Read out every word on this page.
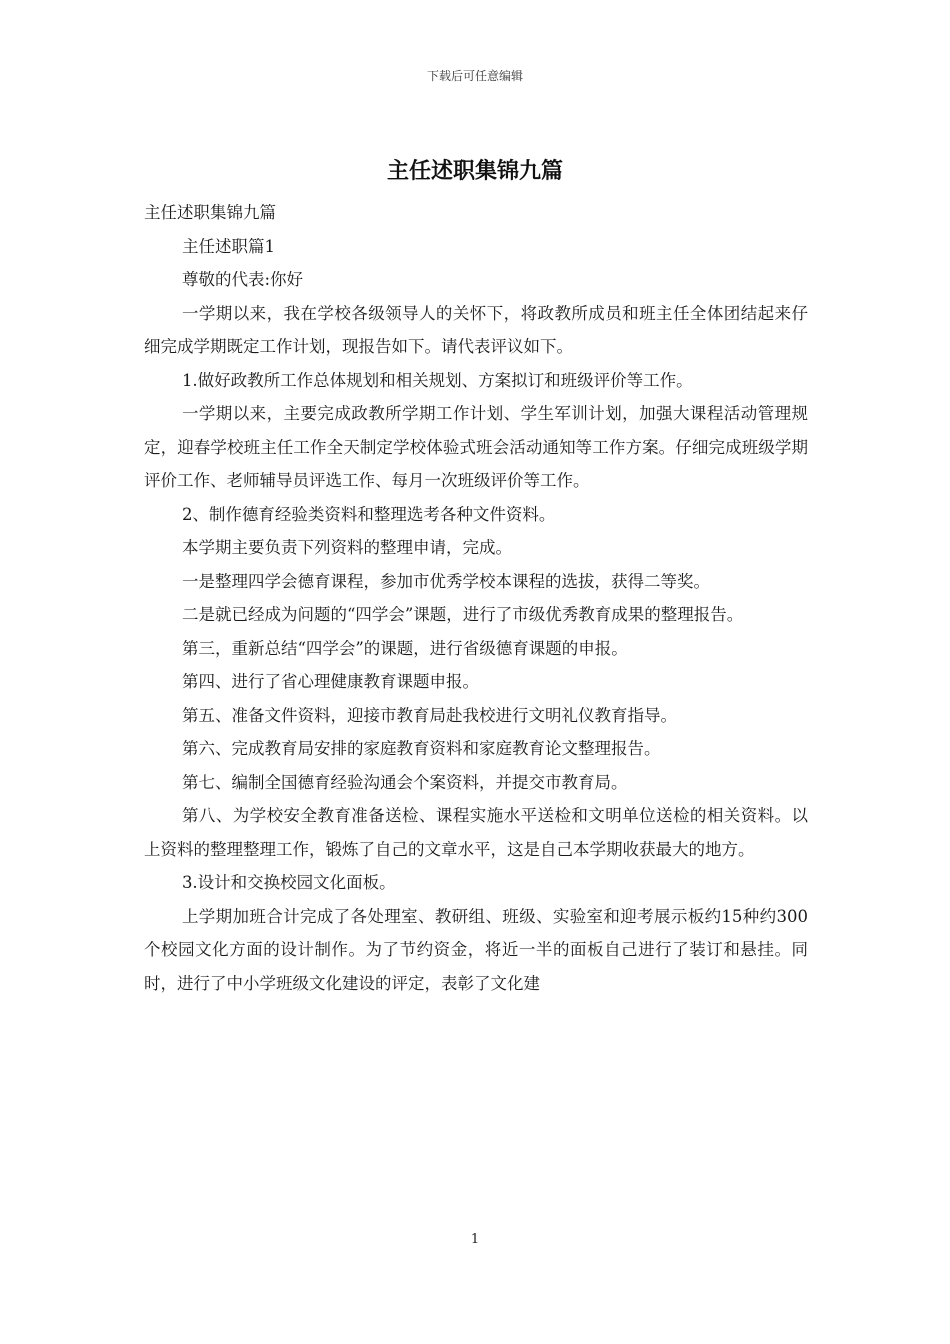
下载后可任意编辑
主任述职集锦九篇

主任述职集锦九篇

主任述职篇1

尊敬的代表:你好

一学期以来，我在学校各级领导人的关怀下，将政教所成员和班主任全体团结起来仔细完成学期既定工作计划，现报告如下。请代表评议如下。

1.做好政教所工作总体规划和相关规划、方案拟订和班级评价等工作。

一学期以来，主要完成政教所学期工作计划、学生军训计划，加强大课程活动管理规定，迎春学校班主任工作全天制定学校体验式班会活动通知等工作方案。仔细完成班级学期评价工作、老师辅导员评选工作、每月一次班级评价等工作。

2、制作德育经验类资料和整理选考各种文件资料。

本学期主要负责下列资料的整理申请，完成。

一是整理四学会德育课程，参加市优秀学校本课程的选拔，获得二等奖。

二是就已经成为问题的“四学会”课题，进行了市级优秀教育成果的整理报告。

第三，重新总结“四学会”的课题，进行省级德育课题的申报。

第四、进行了省心理健康教育课题申报。

第五、准备文件资料，迎接市教育局赴我校进行文明礼仪教育指导。

第六、完成教育局安排的家庭教育资料和家庭教育论文整理报告。

第七、编制全国德育经验沟通会个案资料，并提交市教育局。

第八、为学校安全教育准备送检、课程实施水平送检和文明单位送检的相关资料。以上资料的整理整理工作，锻炼了自己的文章水平，这是自己本学期收获最大的地方。

3.设计和交换校园文化面板。

上学期加班合计完成了各处理室、教研组、班级、实验室和迎考展示板约15种约300个校园文化方面的设计制作。为了节约资金，将近一半的面板自己进行了装订和悬挂。同时，进行了中小学班级文化建设的评定，表彰了文化建

1
